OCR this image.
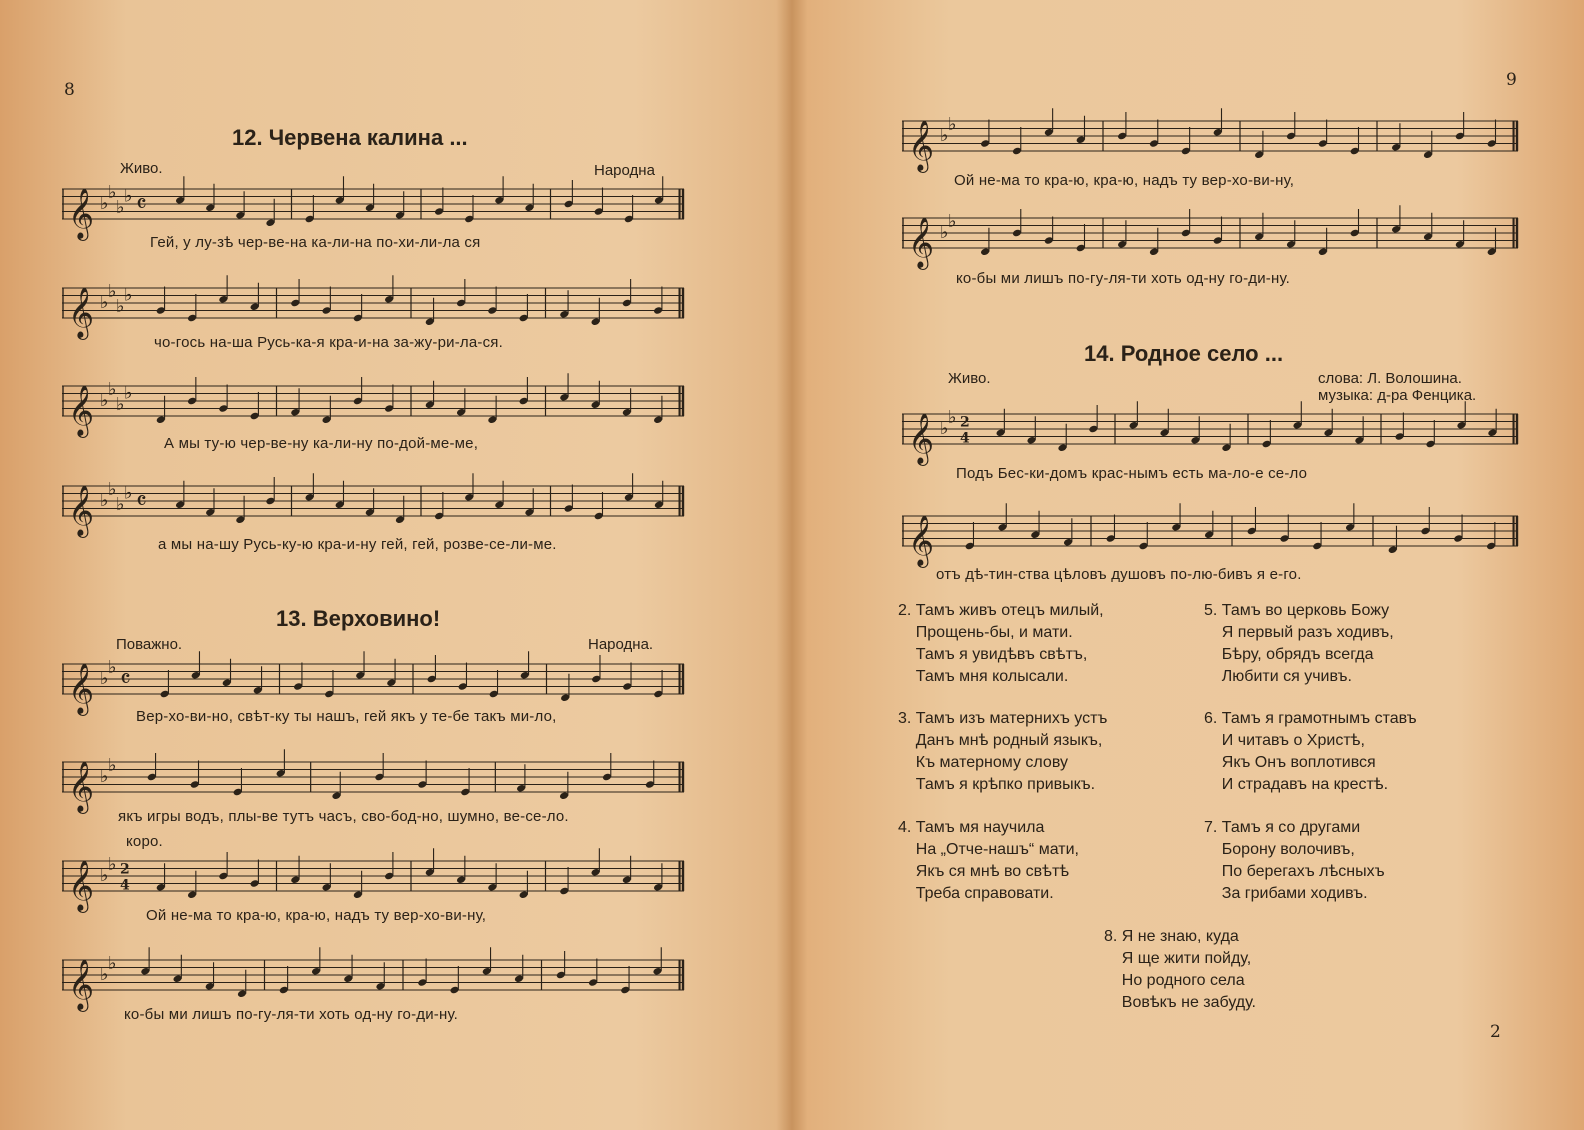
8
12. Червена калина ...
Живо.	Народна
𝄞 ♭
♭
♭
♭ 𝄴
Гей, у лу-зѣ чер-ве-на ка-ли-на по-хи-ли-ла ся
𝄞 ♭
♭
♭
♭
чо-гось на-ша Русь-ка-я кра-и-на за-жу-ри-ла-ся.
𝄞 ♭
♭
♭
♭
А мы ту-ю чер-ве-ну ка-ли-ну по-дой-ме-ме,
𝄞 ♭
♭
♭
♭ 𝄴
а мы на-шу Русь-ку-ю кра-и-ну гей, гей, розве-се-ли-ме.
13. Верховино!
Поважно.	Народна.
𝄞 ♭
♭ 𝄴
Вер-хо-ви-но, свѣт-ку ты нашъ, гей якъ у те-бе такъ ми-ло,
𝄞 ♭
♭
якъ игры водъ, плы-ве тутъ часъ, сво-бод-но, шумно, ве-се-ло.
коро.
𝄞 ♭
♭ 2
4
Ой не-ма то кра-ю, кра-ю, надъ ту вер-хо-ви-ну,
𝄞 ♭
♭
ко-бы ми лишъ по-гу-ля-ти хоть од-ну го-ди-ну.
9
𝄞 ♭
♭
Ой не-ма то кра-ю, кра-ю, надъ ту вер-хо-ви-ну,
𝄞 ♭
♭
ко-бы ми лишъ по-гу-ля-ти хоть од-ну го-ди-ну.
14. Родное село ...
Живо.	слова: Л. Волошина.
музыка: д-ра Фенцика.
𝄞 ♭
♭ 2
4
Подъ Бес-ки-домъ крас-нымъ есть ма-ло-е се-ло
𝄞
отъ дѣ-тин-ства цѣловъ душовъ по-лю-бивъ я е-го.
2. Тамъ живъ отецъ милый,
Прощень-бы, и мати.
Тамъ я увидѣвъ свѣтъ,
Тамъ мня колысали.
5. Тамъ во церковь Божу
Я первый разъ ходивъ,
Бѣру, обрядъ всегда
Любити ся учивъ.
3. Тамъ изъ матернихъ устъ
Данъ мнѣ родный языкъ,
Къ матерному слову
Тамъ я крѣпко привыкъ.
6. Тамъ я грамотнымъ ставъ
И читавъ о Христѣ,
Якъ Онъ воплотився
И страдавъ на крестѣ.
4. Тамъ мя научила
На „Отче-нашъ“ мати,
Якъ ся мнѣ во свѣтѣ
Треба справовати.
7. Тамъ я со другами
Борону волочивъ,
По берегахъ лѣсныхъ
За грибами ходивъ.
8. Я не знаю, куда
Я ще жити пойду,
Но родного села
Вовѣкъ не забуду.
2
